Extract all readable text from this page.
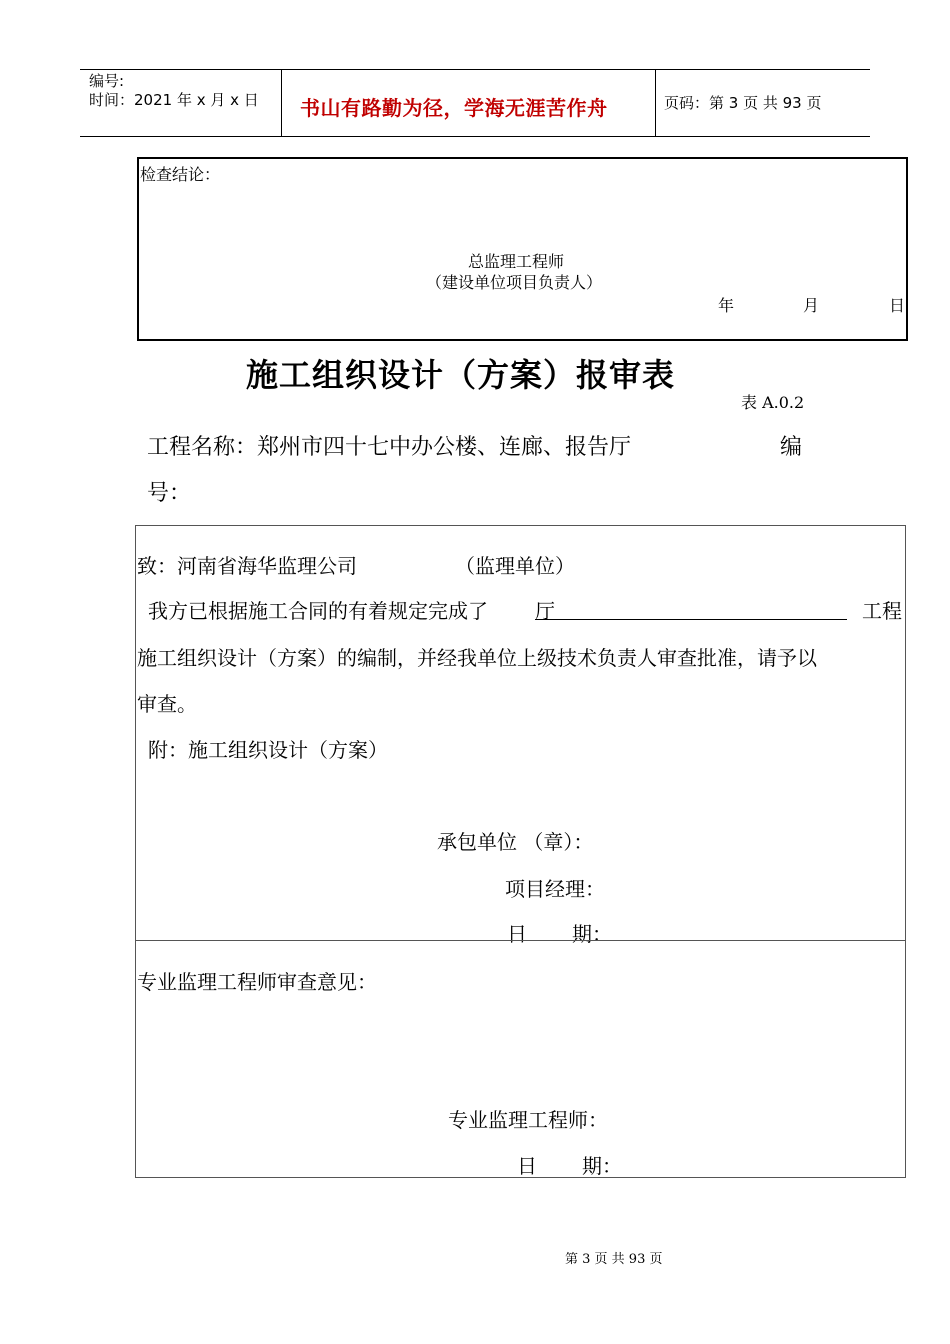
编号:
时间：2021 年 x 月 x 日 书山有路勤为径，学海无涯苦作舟	页码：第 3 页 共 93 页
检查结论：
总监理工程师
（建设单位项目负责人）
年	月	日
施工组织设计（方案）报审表
表 A.0.2
工程名称：郑州市四十七中办公楼、连廊、报告厅	编
号：
致：河南省海华监理公司	（监理单位）
我方已根据施工合同的有着规定完成了 厅	工程
施工组织设计（方案）的编制，并经我单位上级技术负责人审查批准，请予以
审查。
附：施工组织设计（方案）
承包单位 （章）：
项目经理：
日 期：
专业监理工程师审查意见：
专业监理工程师：
日 期：
第 3 页 共 93 页
